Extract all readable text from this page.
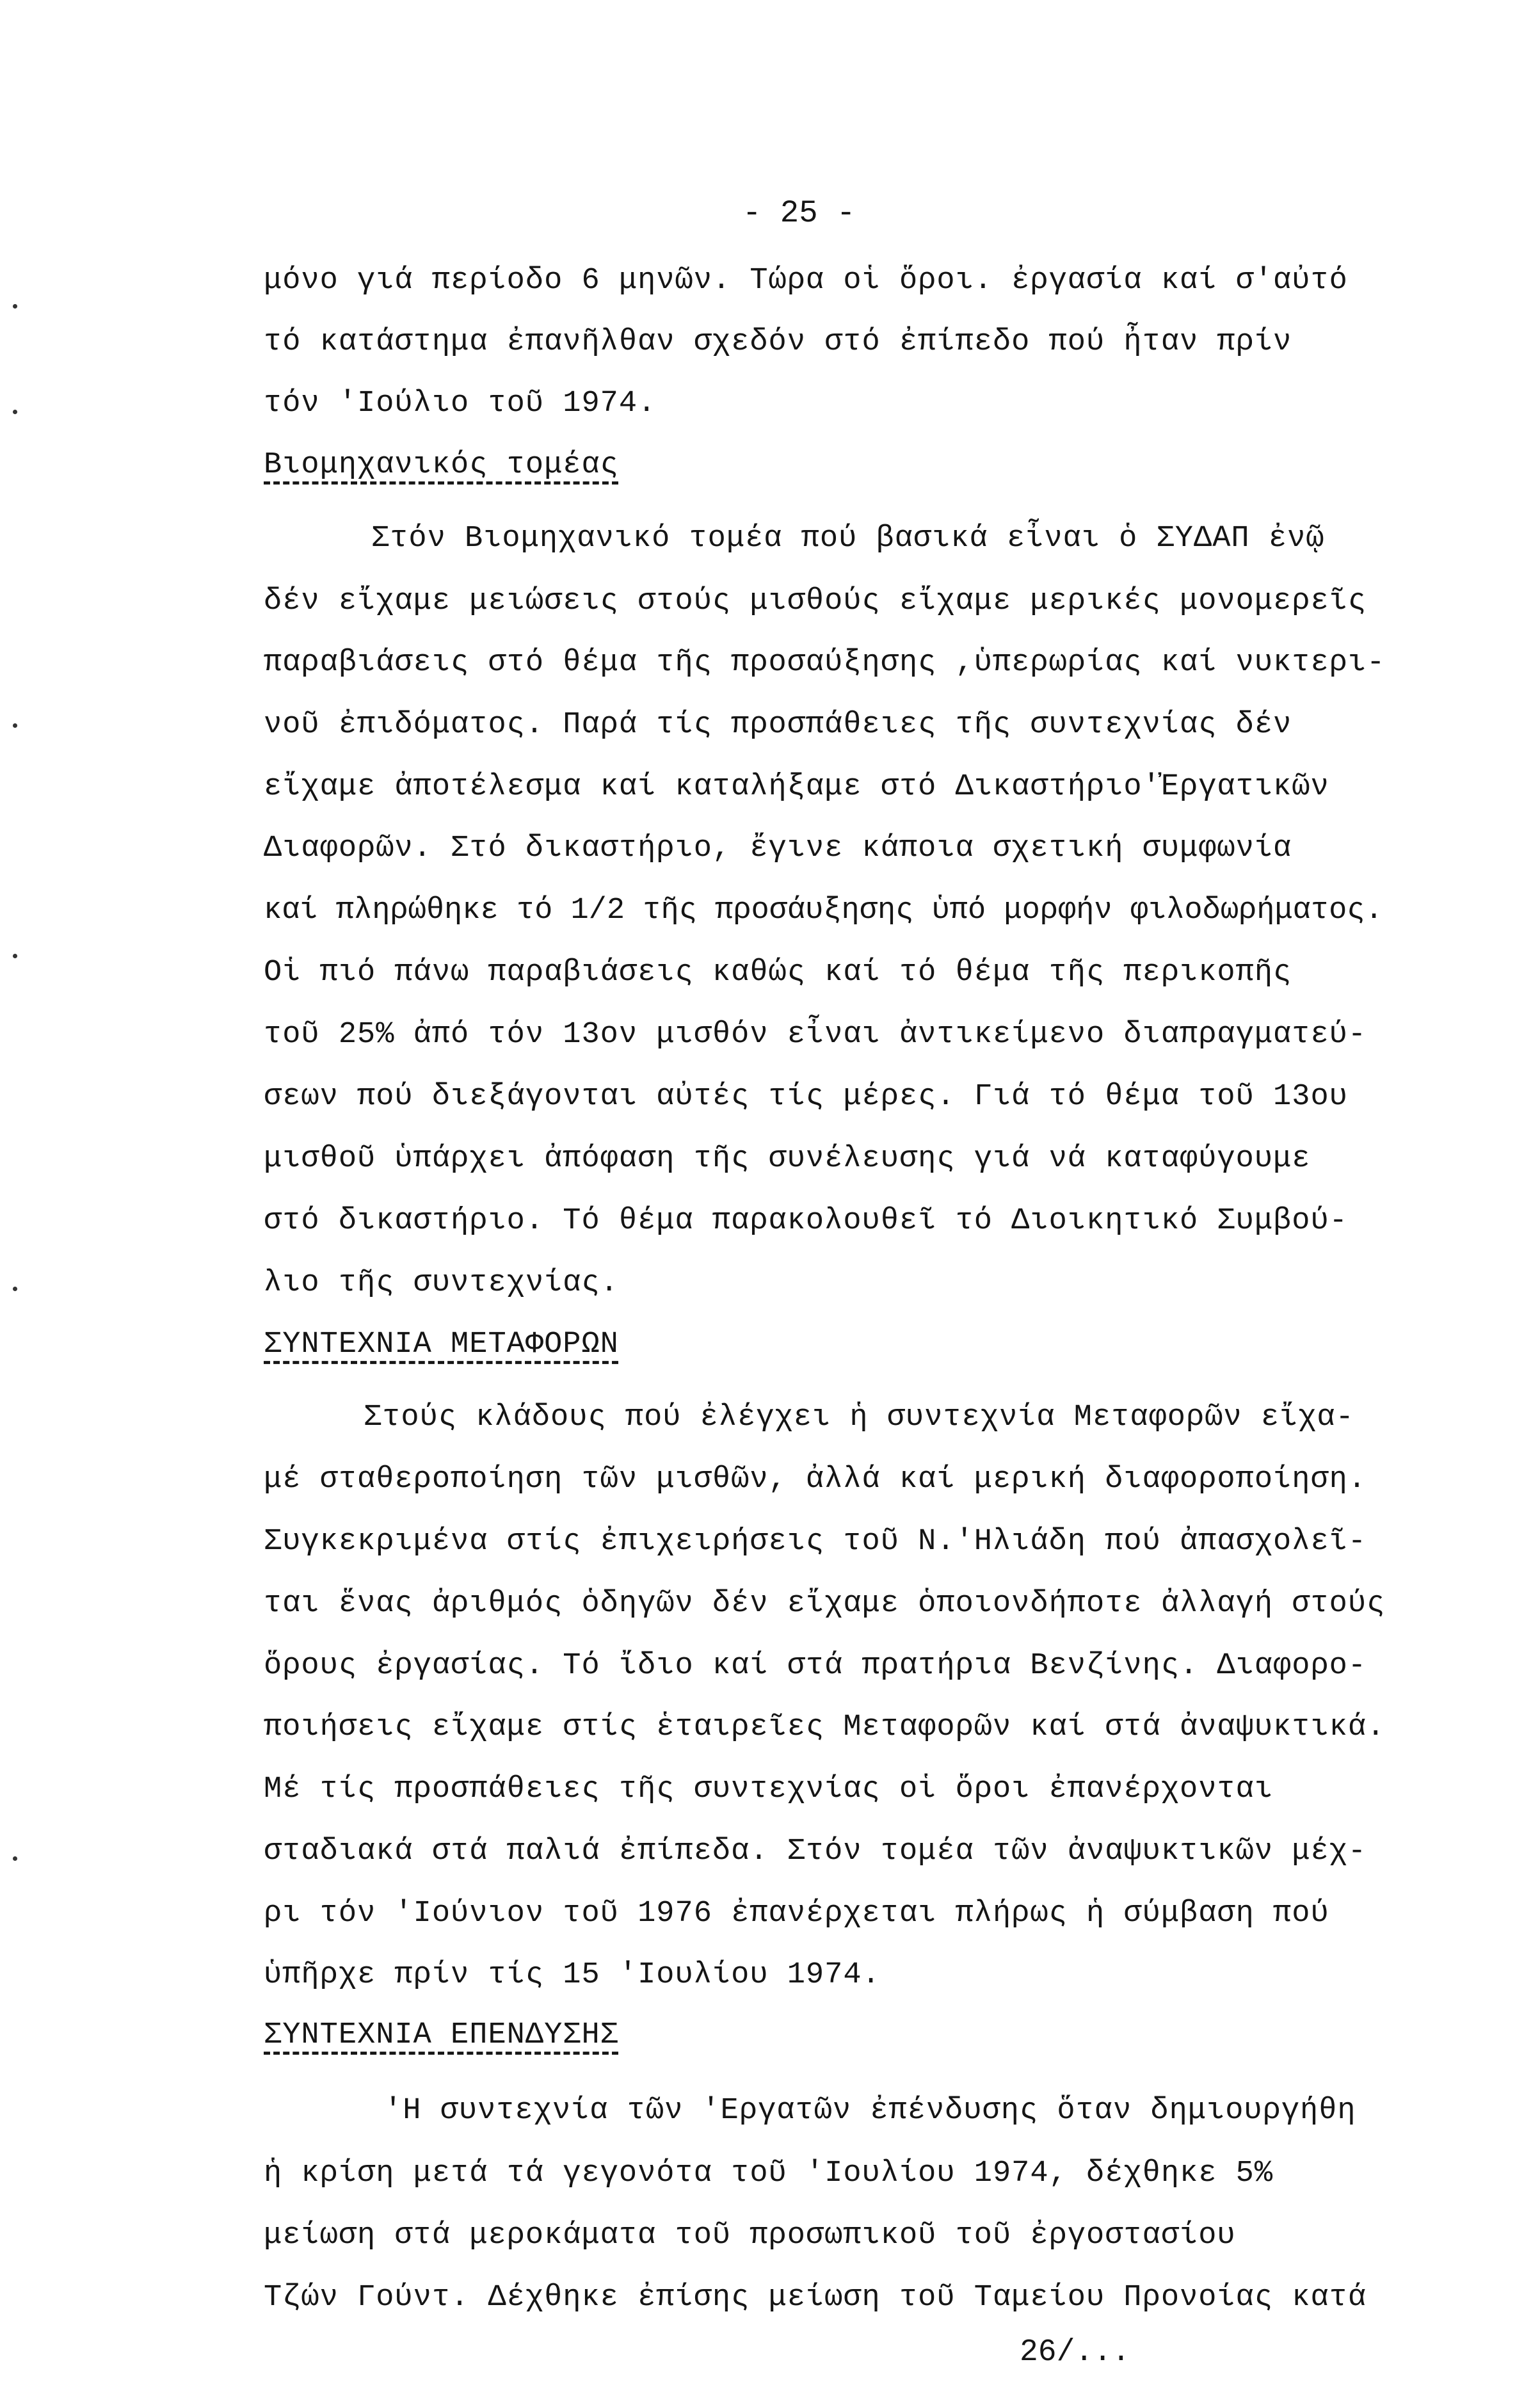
- 25 -
μόνο γιά περίοδο 6 μηνῶν. Τώρα οἱ ὅροι. ἐργασία καί σ'αὐτό
τό κατάστημα ἐπανῆλθαν σχεδόν στό ἐπίπεδο πού ἦταν πρίν
τόν 'Ιούλιο τοῦ 1974.
Βιομηχανικός τομέας
Στόν Βιομηχανικό τομέα πού βασικά εἶναι ὁ ΣΥΔΑΠ ἐνῷ
δέν εἴχαμε μειώσεις στούς μισθούς εἴχαμε μερικές μονομερεῖς
παραβιάσεις στό θέμα τῆς προσαύξησης ,ὑπερωρίας καί νυκτερι-
νοῦ ἐπιδόματος. Παρά τίς προσπάθειες τῆς συντεχνίας δέν
εἴχαμε ἀποτέλεσμα καί καταλήξαμε στό Δικαστήριο'Ἐργατικῶν
Διαφορῶν. Στό δικαστήριο, ἔγινε κάποια σχετική συμφωνία
καί πληρώθηκε τό 1/2 τῆς προσάυξησης ὑπό μορφήν φιλοδωρήματος.
Οἱ πιό πάνω παραβιάσεις καθώς καί τό θέμα τῆς περικοπῆς
τοῦ 25% ἀπό τόν 13ον μισθόν εἶναι ἀντικείμενο διαπραγματεύ-
σεων πού διεξάγονται αὐτές τίς μέρες. Γιά τό θέμα τοῦ 13ου
μισθοῦ ὑπάρχει ἀπόφαση τῆς συνέλευσης γιά νά καταφύγουμε
στό δικαστήριο. Τό θέμα παρακολουθεῖ τό Διοικητικό Συμβού-
λιο τῆς συντεχνίας.
ΣΥΝΤΕΧΝΙΑ ΜΕΤΑΦΟΡΩΝ
Στούς κλάδους πού ἐλέγχει ἡ συντεχνία Μεταφορῶν εἴχα-
μέ σταθεροποίηση τῶν μισθῶν, ἀλλά καί μερική διαφοροποίηση.
Συγκεκριμένα στίς ἐπιχειρήσεις τοῦ Ν.'Ηλιάδη πού ἀπασχολεῖ-
ται ἕνας ἀριθμός ὁδηγῶν δέν εἴχαμε ὁποιονδήποτε ἀλλαγή στούς
ὅρους ἐργασίας. Τό ἴδιο καί στά πρατήρια Βενζίνης. Διαφορο-
ποιήσεις εἴχαμε στίς ἑταιρεῖες Μεταφορῶν καί στά ἀναψυκτικά.
Μέ τίς προσπάθειες τῆς συντεχνίας οἱ ὅροι ἐπανέρχονται
σταδιακά στά παλιά ἐπίπεδα. Στόν τομέα τῶν ἀναψυκτικῶν μέχ-
ρι τόν 'Ιούνιον τοῦ 1976 ἐπανέρχεται πλήρως ἡ σύμβαση πού
ὑπῆρχε πρίν τίς 15 'Ιουλίου 1974.
ΣΥΝΤΕΧΝΙΑ ΕΠΕΝΔΥΣΗΣ
'Η συντεχνία τῶν 'Εργατῶν ἐπένδυσης ὅταν δημιουργήθη
ἡ κρίση μετά τά γεγονότα τοῦ 'Ιουλίου 1974, δέχθηκε 5%
μείωση στά μεροκάματα τοῦ προσωπικοῦ τοῦ ἐργοστασίου
Τζών Γούντ. Δέχθηκε ἐπίσης μείωση τοῦ Ταμείου Προνοίας κατά
26/...
